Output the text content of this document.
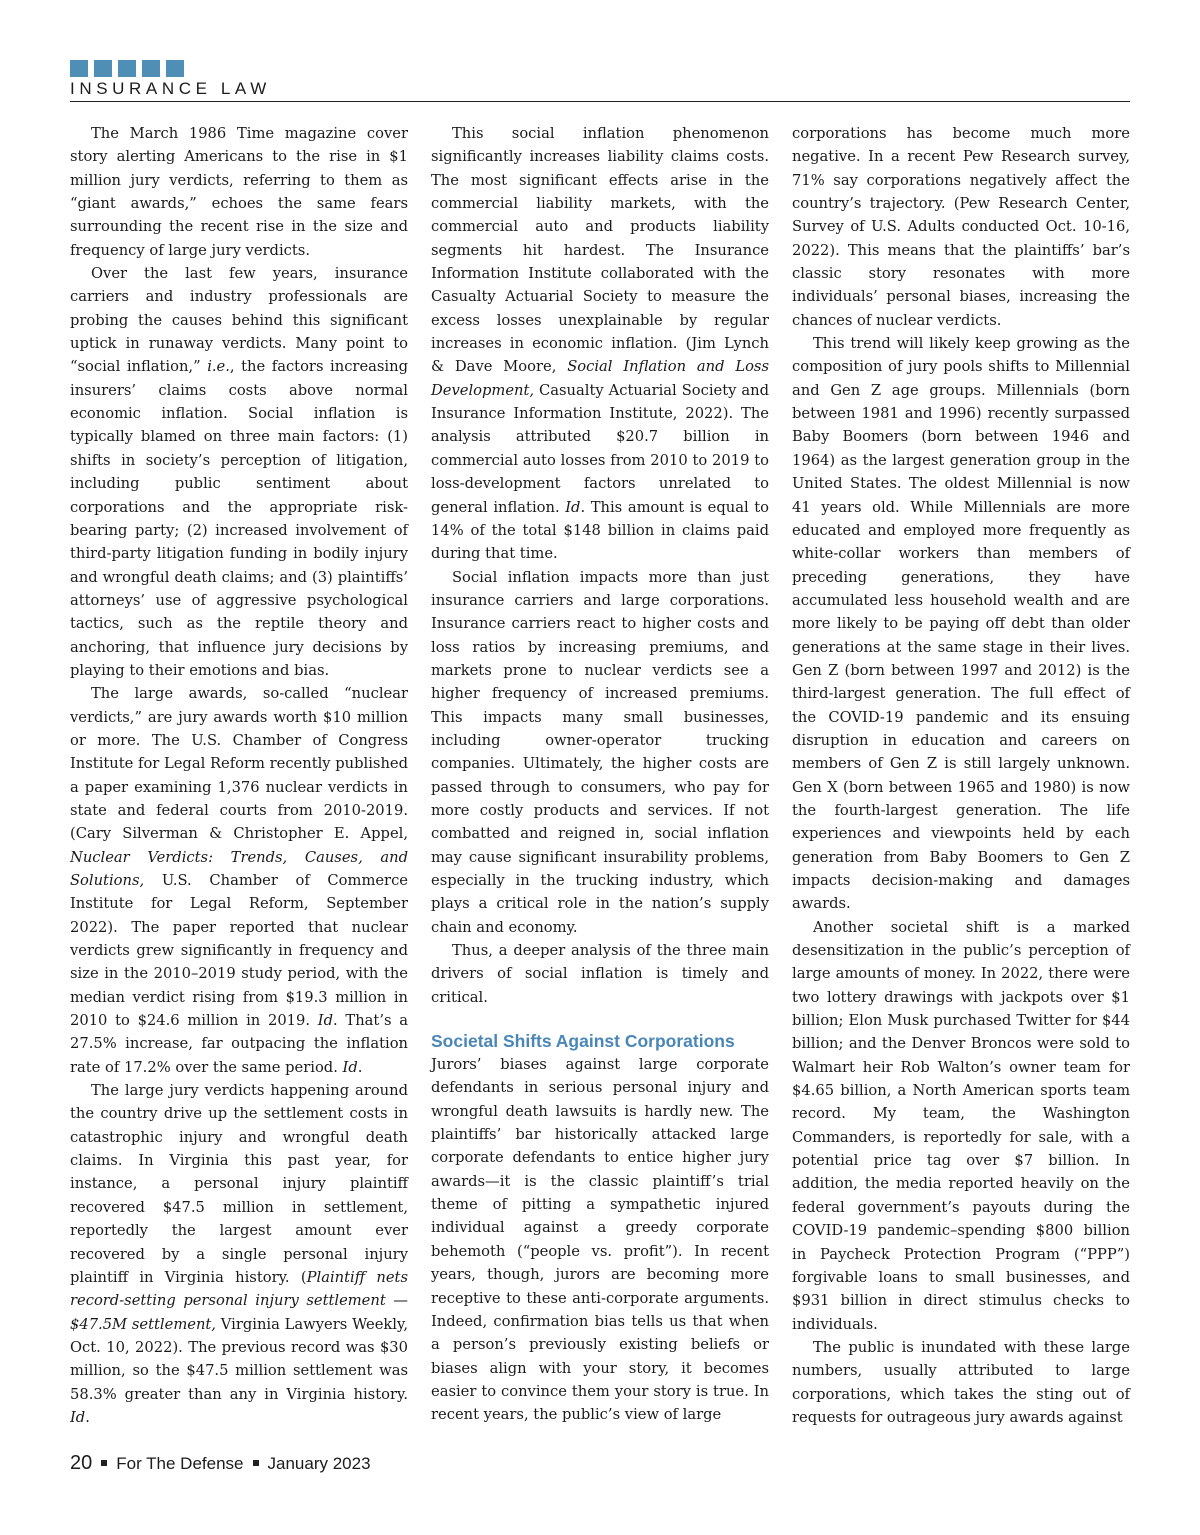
INSURANCE LAW

The March 1986 Time magazine cover story alerting Americans to the rise in $1 million jury verdicts, referring to them as “giant awards,” echoes the same fears surrounding the recent rise in the size and frequency of large jury verdicts.

Over the last few years, insurance carriers and industry professionals are probing the causes behind this significant uptick in runaway verdicts. Many point to “social inflation,” i.e., the factors increasing insurers’ claims costs above normal economic inflation. Social inflation is typically blamed on three main factors: (1) shifts in society’s perception of litigation, including public sentiment about corporations and the appropriate risk-bearing party; (2) increased involvement of third-party litigation funding in bodily injury and wrongful death claims; and (3) plaintiffs’ attorneys’ use of aggressive psychological tactics, such as the reptile theory and anchoring, that influence jury decisions by playing to their emotions and bias.

The large awards, so-called “nuclear verdicts,” are jury awards worth $10 million or more. The U.S. Chamber of Congress Institute for Legal Reform recently published a paper examining 1,376 nuclear verdicts in state and federal courts from 2010-2019. (Cary Silverman & Christopher E. Appel, Nuclear Verdicts: Trends, Causes, and Solutions, U.S. Chamber of Commerce Institute for Legal Reform, September 2022). The paper reported that nuclear verdicts grew significantly in frequency and size in the 2010–2019 study period, with the median verdict rising from $19.3 million in 2010 to $24.6 million in 2019. Id. That’s a 27.5% increase, far outpacing the inflation rate of 17.2% over the same period. Id.

The large jury verdicts happening around the country drive up the settlement costs in catastrophic injury and wrongful death claims. In Virginia this past year, for instance, a personal injury plaintiff recovered $47.5 million in settlement, reportedly the largest amount ever recovered by a single personal injury plaintiff in Virginia history. (Plaintiff nets record-setting personal injury settlement — $47.5M settlement, Virginia Lawyers Weekly, Oct. 10, 2022). The previous record was $30 million, so the $47.5 million settlement was 58.3% greater than any in Virginia history. Id.

This social inflation phenomenon significantly increases liability claims costs. The most significant effects arise in the commercial liability markets, with the commercial auto and products liability segments hit hardest. The Insurance Information Institute collaborated with the Casualty Actuarial Society to measure the excess losses unexplainable by regular increases in economic inflation. (Jim Lynch & Dave Moore, Social Inflation and Loss Development, Casualty Actuarial Society and Insurance Information Institute, 2022). The analysis attributed $20.7 billion in commercial auto losses from 2010 to 2019 to loss-development factors unrelated to general inflation. Id. This amount is equal to 14% of the total $148 billion in claims paid during that time.

Social inflation impacts more than just insurance carriers and large corporations. Insurance carriers react to higher costs and loss ratios by increasing premiums, and markets prone to nuclear verdicts see a higher frequency of increased premiums. This impacts many small businesses, including owner-operator trucking companies. Ultimately, the higher costs are passed through to consumers, who pay for more costly products and services. If not combatted and reigned in, social inflation may cause significant insurability problems, especially in the trucking industry, which plays a critical role in the nation’s supply chain and economy.

Thus, a deeper analysis of the three main drivers of social inflation is timely and critical.

Societal Shifts Against Corporations

Jurors’ biases against large corporate defendants in serious personal injury and wrongful death lawsuits is hardly new. The plaintiffs’ bar historically attacked large corporate defendants to entice higher jury awards—it is the classic plaintiff’s trial theme of pitting a sympathetic injured individual against a greedy corporate behemoth (“people vs. profit”). In recent years, though, jurors are becoming more receptive to these anti-corporate arguments. Indeed, confirmation bias tells us that when a person’s previously existing beliefs or biases align with your story, it becomes easier to convince them your story is true. In recent years, the public’s view of large

corporations has become much more negative. In a recent Pew Research survey, 71% say corporations negatively affect the country’s trajectory. (Pew Research Center, Survey of U.S. Adults conducted Oct. 10-16, 2022). This means that the plaintiffs’ bar’s classic story resonates with more individuals’ personal biases, increasing the chances of nuclear verdicts.

This trend will likely keep growing as the composition of jury pools shifts to Millennial and Gen Z age groups. Millennials (born between 1981 and 1996) recently surpassed Baby Boomers (born between 1946 and 1964) as the largest generation group in the United States. The oldest Millennial is now 41 years old. While Millennials are more educated and employed more frequently as white-collar workers than members of preceding generations, they have accumulated less household wealth and are more likely to be paying off debt than older generations at the same stage in their lives. Gen Z (born between 1997 and 2012) is the third-largest generation. The full effect of the COVID-19 pandemic and its ensuing disruption in education and careers on members of Gen Z is still largely unknown. Gen X (born between 1965 and 1980) is now the fourth-largest generation. The life experiences and viewpoints held by each generation from Baby Boomers to Gen Z impacts decision-making and damages awards.

Another societal shift is a marked desensitization in the public’s perception of large amounts of money. In 2022, there were two lottery drawings with jackpots over $1 billion; Elon Musk purchased Twitter for $44 billion; and the Denver Broncos were sold to Walmart heir Rob Walton’s owner team for $4.65 billion, a North American sports team record. My team, the Washington Commanders, is reportedly for sale, with a potential price tag over $7 billion. In addition, the media reported heavily on the federal government’s payouts during the COVID-19 pandemic–spending $800 billion in Paycheck Protection Program (“PPP”) forgivable loans to small businesses, and $931 billion in direct stimulus checks to individuals.

The public is inundated with these large numbers, usually attributed to large corporations, which takes the sting out of requests for outrageous jury awards against

20 For The Defense January 2023
